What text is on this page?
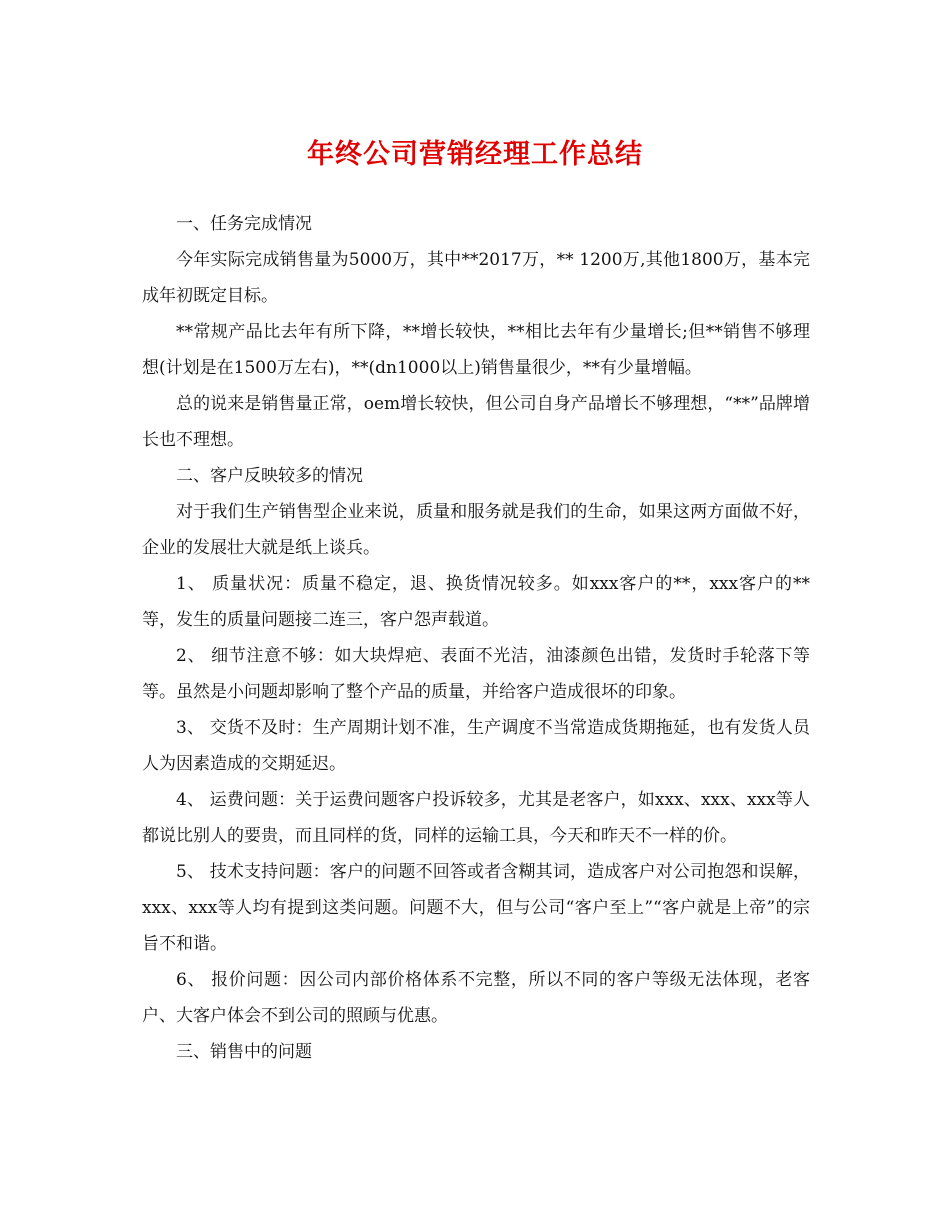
年终公司营销经理工作总结

一、任务完成情况

今年实际完成销售量为5000万，其中**2017万，** 1200万,其他1800万，基本完成年初既定目标。

**常规产品比去年有所下降，**增长较快，**相比去年有少量增长;但**销售不够理想(计划是在1500万左右)，**(dn1000以上)销售量很少，**有少量增幅。

总的说来是销售量正常，oem增长较快，但公司自身产品增长不够理想，“**”品牌增长也不理想。

二、客户反映较多的情况

对于我们生产销售型企业来说，质量和服务就是我们的生命，如果这两方面做不好，企业的发展壮大就是纸上谈兵。

1、 质量状况：质量不稳定，退、换货情况较多。如xxx客户的**，xxx客户的**等，发生的质量问题接二连三，客户怨声载道。

2、 细节注意不够：如大块焊疤、表面不光洁，油漆颜色出错，发货时手轮落下等等。虽然是小问题却影响了整个产品的质量，并给客户造成很坏的印象。

3、 交货不及时：生产周期计划不准，生产调度不当常造成货期拖延，也有发货人员人为因素造成的交期延迟。

4、 运费问题：关于运费问题客户投诉较多，尤其是老客户，如xxx、xxx、xxx等人都说比别人的要贵，而且同样的货，同样的运输工具，今天和昨天不一样的价。

5、 技术支持问题：客户的问题不回答或者含糊其词，造成客户对公司抱怨和误解，xxx、xxx等人均有提到这类问题。问题不大，但与公司“客户至上”“客户就是上帝”的宗旨不和谐。

6、 报价问题：因公司内部价格体系不完整，所以不同的客户等级无法体现，老客户、大客户体会不到公司的照顾与优惠。

三、销售中的问题
